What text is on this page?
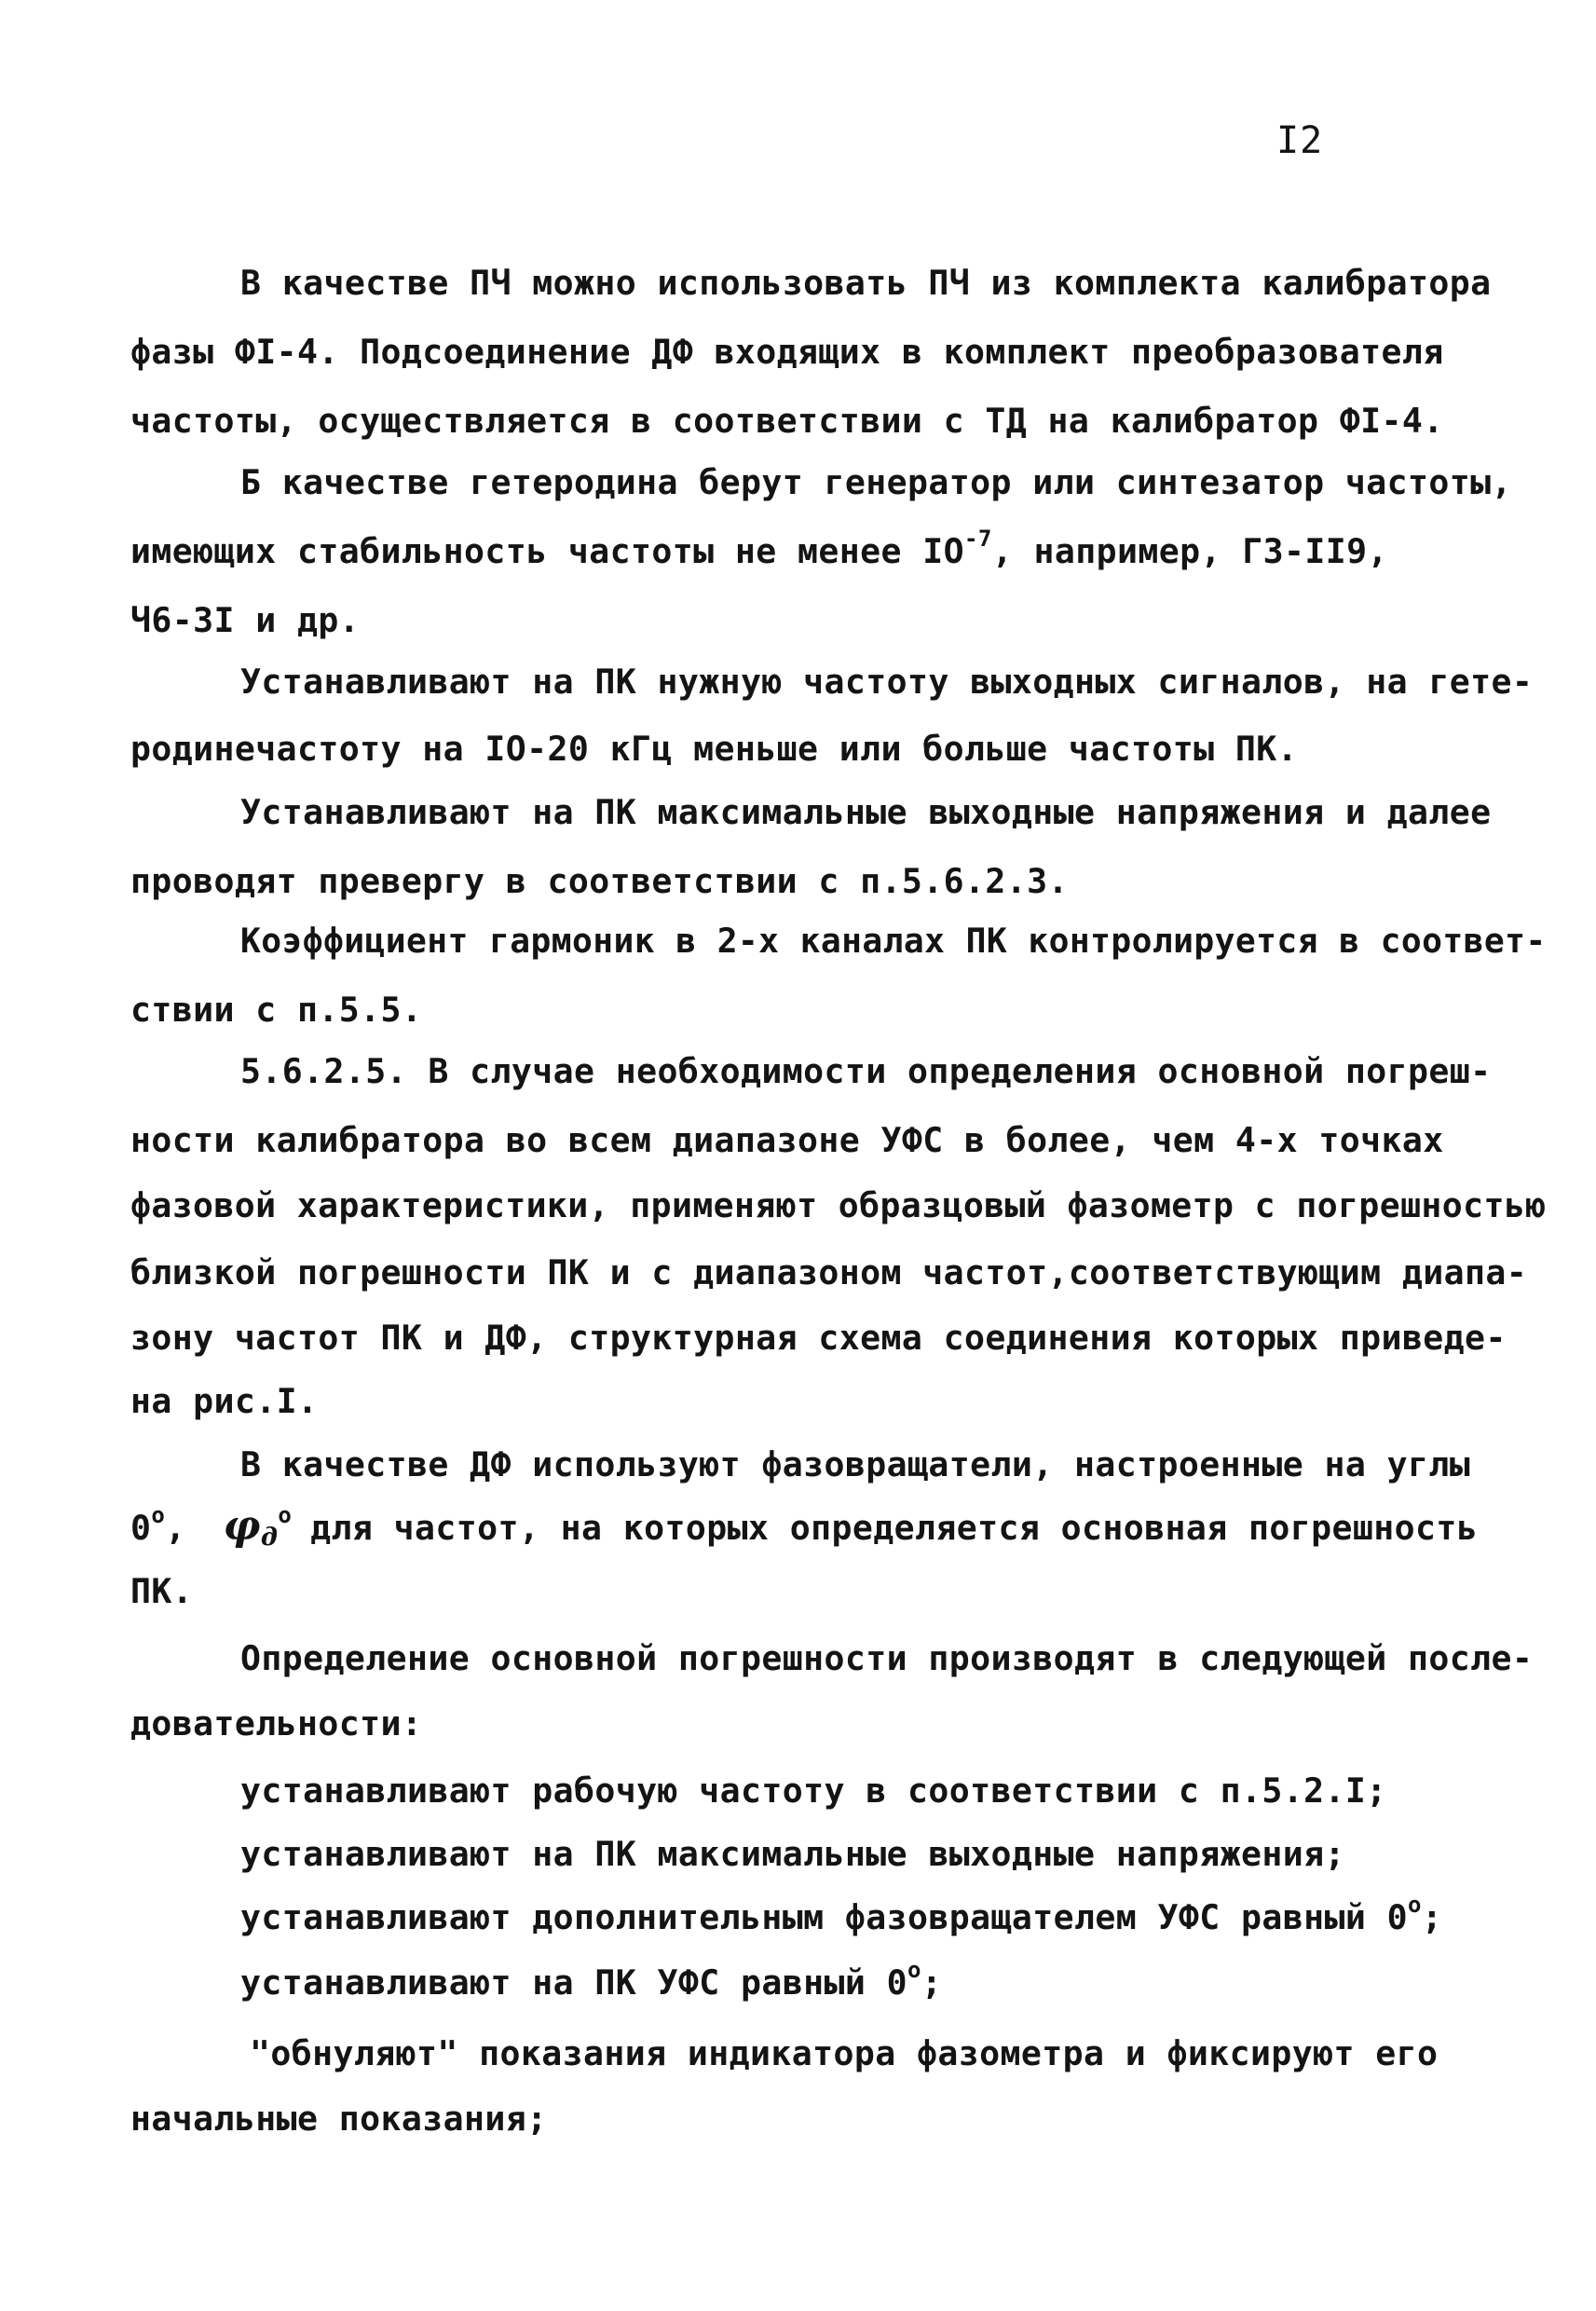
I2
В качестве ПЧ можно использовать ПЧ из комплекта калибратора
фазы ФI-4. Подсоединение ДФ входящих в комплект преобразователя
частоты, осуществляется в соответствии с ТД на калибратор ФI-4.
Б качестве гетеродина берут генератор или синтезатор частоты,
имеющих стабильность частоты не менее $IO^{-7}$, например, ГЗ-II9,
Ч6-3I и др.
Устанавливают на ПК нужную частоту выходных сигналов, на гете-
родинечастоту на IO-20 кГц меньше или больше частоты ПК.
Устанавливают на ПК максимальные выходные напряжения и далее
проводят превергу в соответствии с п.5.6.2.3.
Коэффициент гармоник в 2-х каналах ПК контролируется в соответ-
ствии с п.5.5.
5.6.2.5. В случае необходимости определения основной погреш-
ности калибратора во всем диапазоне УФС в более, чем 4-х точках
фазовой характеристики, применяют образцовый фазометр с погрешностью
близкой погрешности ПК и с диапазоном частот,соответствующим диапа-
зону частот ПК и ДФ, структурная схема соединения которых приведе-
на рис.I.
В качестве ДФ используют фазовращатели, настроенные на углы
$0^о$, $\varphi_д^о$ для частот, на которых определяется основная погрешность
ПК.
Определение основной погрешности производят в следующей после-
довательности:
устанавливают рабочую частоту в соответствии с п.5.2.I;
устанавливают на ПК максимальные выходные напряжения;
устанавливают дополнительным фазовращателем УФС равный $0^о$;
устанавливают на ПК УФС равный $0^о$;
"обнуляют" показания индикатора фазометра и фиксируют его
начальные показания;
